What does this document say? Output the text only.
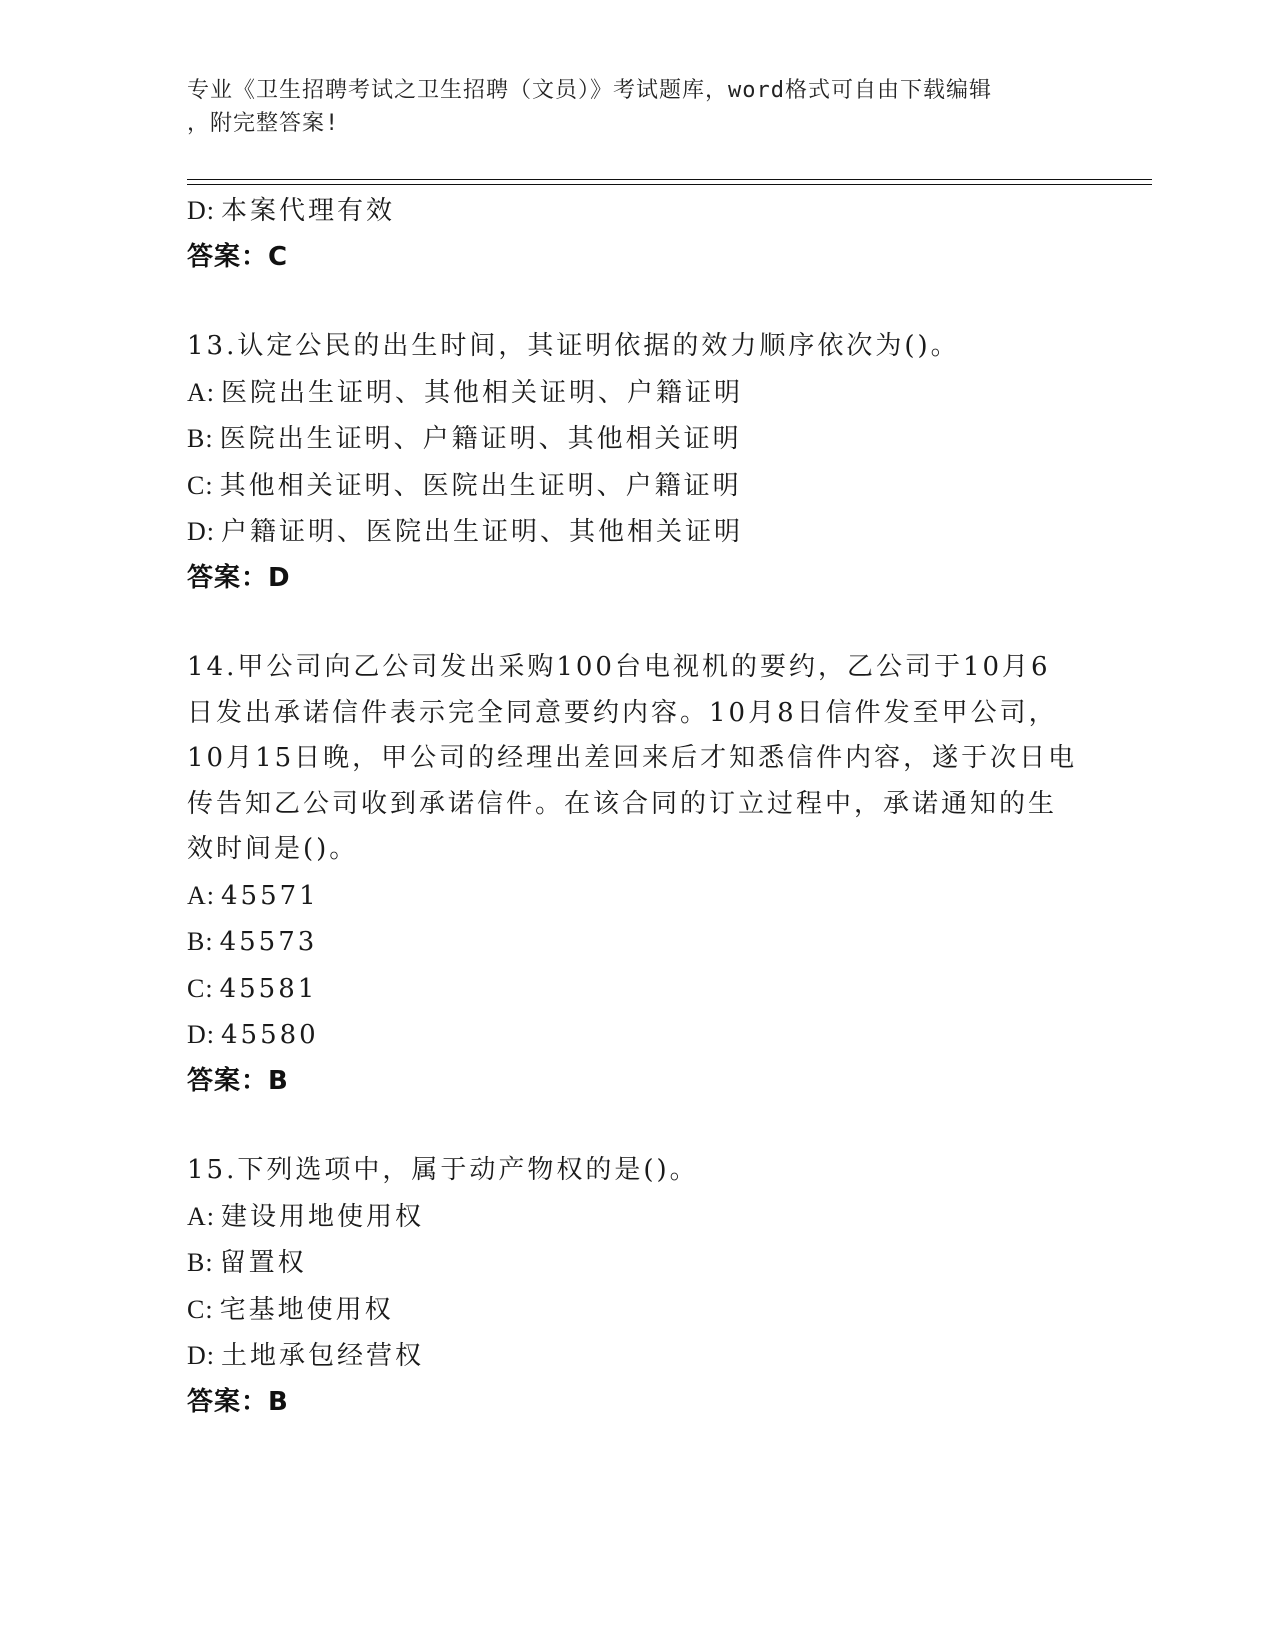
专业《卫生招聘考试之卫生招聘（文员）》考试题库，word格式可自由下载编辑
，附完整答案!
D: 本案代理有效
答案：C
13.认定公民的出生时间，其证明依据的效力顺序依次为()。
A: 医院出生证明、其他相关证明、户籍证明
B: 医院出生证明、户籍证明、其他相关证明
C: 其他相关证明、医院出生证明、户籍证明
D: 户籍证明、医院出生证明、其他相关证明
答案：D
14.甲公司向乙公司发出采购100台电视机的要约，乙公司于10月6
日发出承诺信件表示完全同意要约内容。10月8日信件发至甲公司，
10月15日晚，甲公司的经理出差回来后才知悉信件内容，遂于次日电
传告知乙公司收到承诺信件。在该合同的订立过程中，承诺通知的生
效时间是()。
A: 45571
B: 45573
C: 45581
D: 45580
答案：B
15.下列选项中，属于动产物权的是()。
A: 建设用地使用权
B: 留置权
C: 宅基地使用权
D: 土地承包经营权
答案：B
